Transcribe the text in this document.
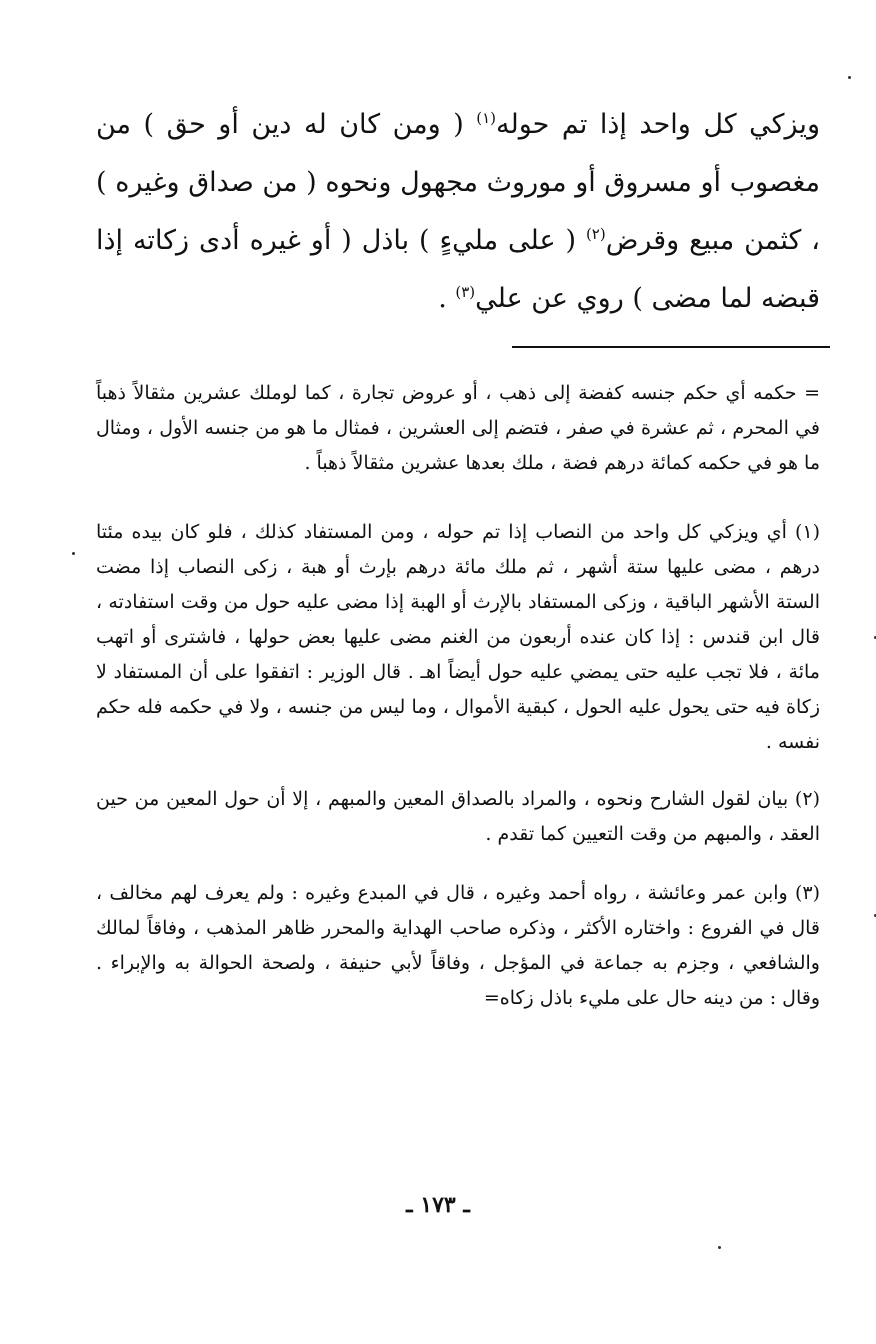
ويزكي كل واحد إذا تم حوله$^{(١)}$ ( ومن كان له دين أو حق ) من مغصوب أو مسروق أو موروث مجهول ونحوه ( من صداق وغيره ) ، كثمن مبيع وقرض$^{(٢)}$ ( على مليءٍ ) باذل ( أو غيره أدى زكاته إذا قبضه لما مضى ) روي عن علي$^{(٣)}$ .

= حكمه أي حكم جنسه كفضة إلى ذهب ، أو عروض تجارة ، كما لوملك عشرين مثقالاً ذهباً في المحرم ، ثم عشرة في صفر ، فتضم إلى العشرين ، فمثال ما هو من جنسه الأول ، ومثال ما هو في حكمه كمائة درهم فضة ، ملك بعدها عشرين مثقالاً ذهباً .

(١) أي ويزكي كل واحد من النصاب إذا تم حوله ، ومن المستفاد كذلك ، فلو كان بيده مئتا درهم ، مضى عليها ستة أشهر ، ثم ملك مائة درهم بإرث أو هبة ، زكى النصاب إذا مضت الستة الأشهر الباقية ، وزكى المستفاد بالإرث أو الهبة إذا مضى عليه حول من وقت استفادته ، قال ابن قندس : إذا كان عنده أربعون من الغنم مضى عليها بعض حولها ، فاشترى أو اتهب مائة ، فلا تجب عليه حتى يمضي عليه حول أيضاً اهـ . قال الوزير : اتفقوا على أن المستفاد لا زكاة فيه حتى يحول عليه الحول ، كبقية الأموال ، وما ليس من جنسه ، ولا في حكمه فله حكم نفسه .

(٢) بيان لقول الشارح ونحوه ، والمراد بالصداق المعين والمبهم ، إلا أن حول المعين من حين العقد ، والمبهم من وقت التعيين كما تقدم .

(٣) وابن عمر وعائشة ، رواه أحمد وغيره ، قال في المبدع وغيره : ولم يعرف لهم مخالف ، قال في الفروع : واختاره الأكثر ، وذكره صاحب الهداية والمحرر ظاهر المذهب ، وفاقاً لمالك والشافعي ، وجزم به جماعة في المؤجل ، وفاقاً لأبي حنيفة ، ولصحة الحوالة به والإبراء . وقال : من دينه حال على مليء باذل زكاه=

ـ ١٧٣ ـ
